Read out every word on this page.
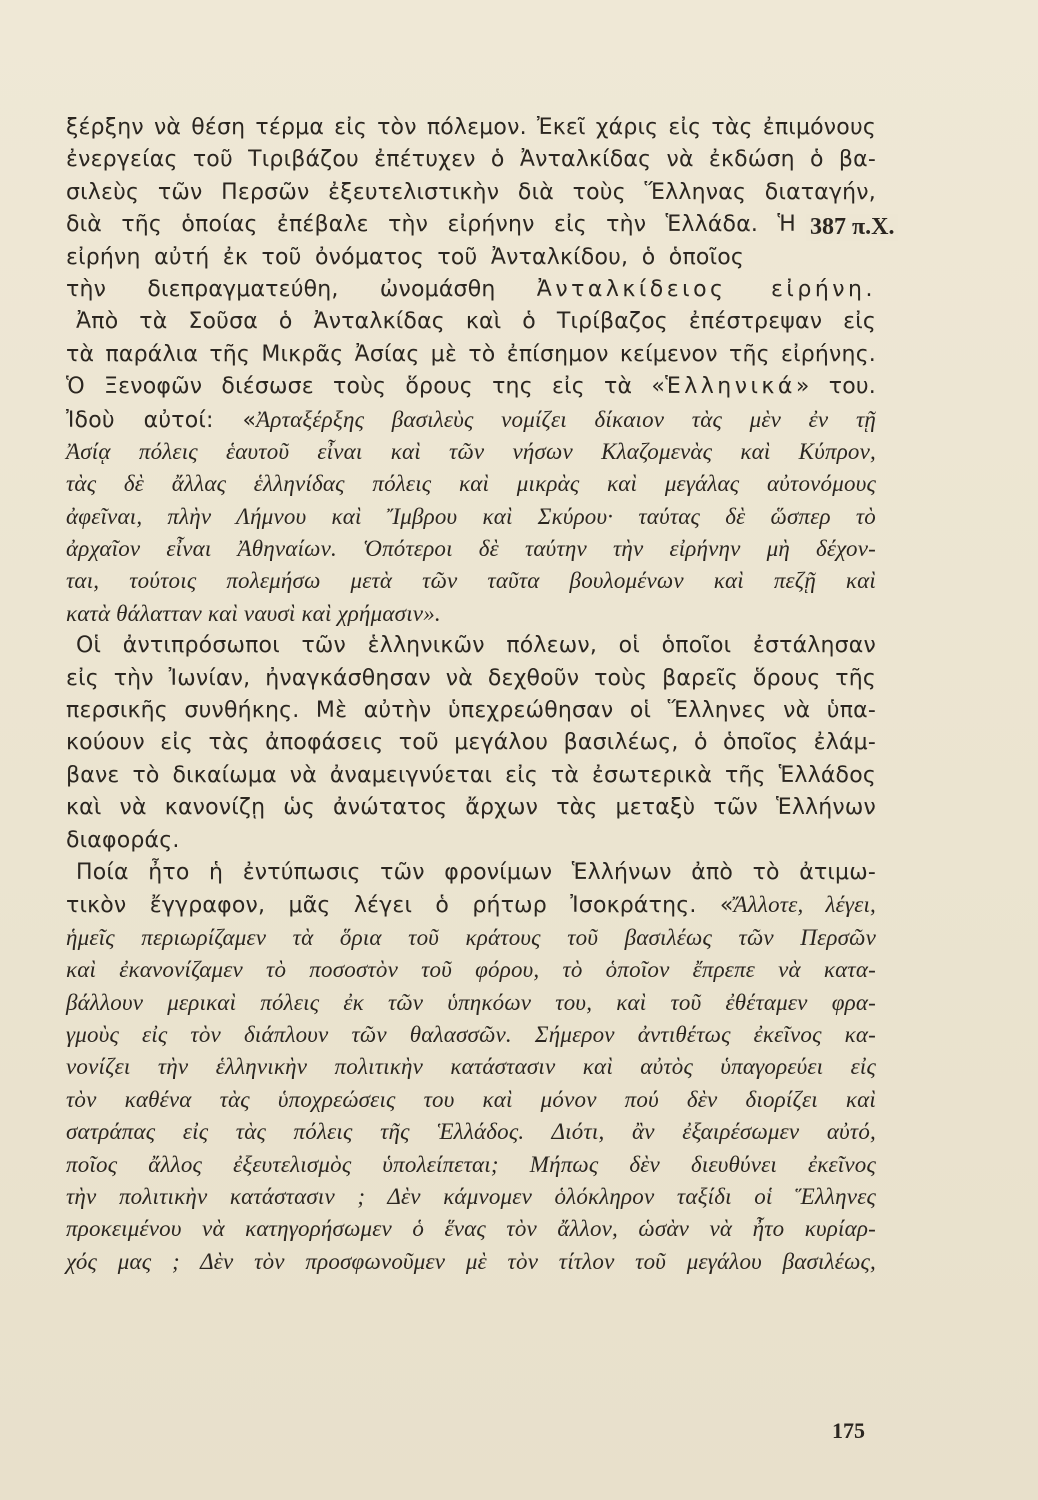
387 π.Χ.
ξέρξην νὰ θέση τέρμα εἰς τὸν πόλεμον. Ἐκεῖ χάρις εἰς τὰς ἐπιμόνους
ἐνεργείας τοῦ Τιριβάζου ἐπέτυχεν ὁ Ἀνταλκίδας νὰ ἐκδώση ὁ βα-
σιλεὺς τῶν Περσῶν ἐξευτελιστικὴν διὰ τοὺς Ἕλληνας διαταγήν,
διὰ τῆς ὁποίας ἐπέβαλε τὴν εἰρήνην εἰς τὴν Ἑλλάδα. Ἡ
εἰρήνη αὐτή ἐκ τοῦ ὀνόματος τοῦ Ἀνταλκίδου, ὁ ὁποῖος
τὴν διεπραγματεύθη, ὠνομάσθη Ἀνταλκίδειος εἰρήνη.
Ἀπὸ τὰ Σοῦσα ὁ Ἀνταλκίδας καὶ ὁ Τιρίβαζος ἐπέστρεψαν εἰς
τὰ παράλια τῆς Μικρᾶς Ἀσίας μὲ τὸ ἐπίσημον κείμενον τῆς εἰρήνης.
Ὁ Ξενοφῶν διέσωσε τοὺς ὅρους της εἰς τὰ «Ἑλληνικά» του.
Ἰδοὺ αὐτοί: «Ἀρταξέρξης βασιλεὺς νομίζει δίκαιον τὰς μὲν ἐν τῇ
Ἀσίᾳ πόλεις ἑαυτοῦ εἶναι καὶ τῶν νήσων Κλαζομενὰς καὶ Κύπρον,
τὰς δὲ ἄλλας ἑλληνίδας πόλεις καὶ μικρὰς καὶ μεγάλας αὐτονόμους
ἀφεῖναι, πλὴν Λήμνου καὶ Ἴμβρου καὶ Σκύρου· ταύτας δὲ ὥσπερ τὸ
ἀρχαῖον εἶναι Ἀθηναίων. Ὁπότεροι δὲ ταύτην τὴν εἰρήνην μὴ δέχον-
ται, τούτοις πολεμήσω μετὰ τῶν ταῦτα βουλομένων καὶ πεζῇ καὶ
κατὰ θάλατταν καὶ ναυσὶ καὶ χρήμασιν».
Οἱ ἀντιπρόσωποι τῶν ἑλληνικῶν πόλεων, οἱ ὁποῖοι ἐστάλησαν
εἰς τὴν Ἰωνίαν, ἠναγκάσθησαν νὰ δεχθοῦν τοὺς βαρεῖς ὅρους τῆς
περσικῆς συνθήκης. Μὲ αὐτὴν ὑπεχρεώθησαν οἱ Ἕλληνες νὰ ὑπα-
κούουν εἰς τὰς ἀποφάσεις τοῦ μεγάλου βασιλέως, ὁ ὁποῖος ἐλάμ-
βανε τὸ δικαίωμα νὰ ἀναμειγνύεται εἰς τὰ ἐσωτερικὰ τῆς Ἑλλάδος
καὶ νὰ κανονίζῃ ὡς ἀνώτατος ἄρχων τὰς μεταξὺ τῶν Ἑλλήνων
διαφοράς.
Ποία ἦτο ἡ ἐντύπωσις τῶν φρονίμων Ἑλλήνων ἀπὸ τὸ ἀτιμω-
τικὸν ἔγγραφον, μᾶς λέγει ὁ ρήτωρ Ἰσοκράτης. «Ἄλλοτε, λέγει,
ἡμεῖς περιωρίζαμεν τὰ ὅρια τοῦ κράτους τοῦ βασιλέως τῶν Περσῶν
καὶ ἐκανονίζαμεν τὸ ποσοστὸν τοῦ φόρου, τὸ ὁποῖον ἔπρεπε νὰ κατα-
βάλλουν μερικαὶ πόλεις ἐκ τῶν ὑπηκόων του, καὶ τοῦ ἐθέταμεν φρα-
γμοὺς εἰς τὸν διάπλουν τῶν θαλασσῶν. Σήμερον ἀντιθέτως ἐκεῖνος κα-
νονίζει τὴν ἑλληνικὴν πολιτικὴν κατάστασιν καὶ αὐτὸς ὑπαγορεύει εἰς
τὸν καθένα τὰς ὑποχρεώσεις του καὶ μόνον πού δὲν διορίζει καὶ
σατράπας εἰς τὰς πόλεις τῆς Ἑλλάδος. Διότι, ἂν ἐξαιρέσωμεν αὐτό,
ποῖος ἄλλος ἐξευτελισμὸς ὑπολείπεται; Μήπως δὲν διευθύνει ἐκεῖνος
τὴν πολιτικὴν κατάστασιν ; Δὲν κάμνομεν ὁλόκληρον ταξίδι οἱ Ἕλληνες
προκειμένου νὰ κατηγορήσωμεν ὁ ἕνας τὸν ἄλλον, ὡσὰν νὰ ἦτο κυρίαρ-
χός μας ; Δὲν τὸν προσφωνοῦμεν μὲ τὸν τίτλον τοῦ μεγάλου βασιλέως,
175
